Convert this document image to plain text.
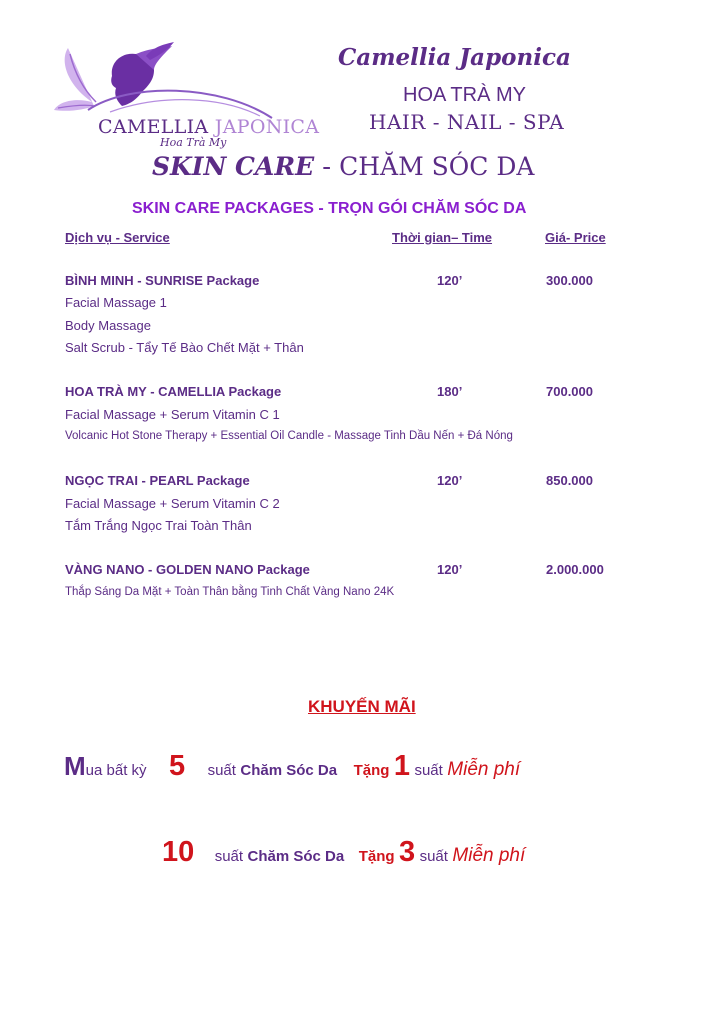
CAMELLIA JAPONICA
Hoa Trà My
Camellia Japonica
HOA TRÀ MY
HAIR - NAIL - SPA
SKIN CARE - CHĂM SÓC DA
SKIN CARE PACKAGES - TRỌN GÓI CHĂM SÓC DA
Dịch vụ - Service	Thời gian– Time	Giá- Price
BÌNH MINH - SUNRISE Package	120’	300.000
Facial Massage 1
Body Massage
Salt Scrub - Tẩy Tế Bào Chết Mặt + Thân
HOA TRÀ MY - CAMELLIA Package	180’	700.000
Facial Massage + Serum Vitamin C 1
Volcanic Hot Stone Therapy + Essential Oil Candle - Massage Tinh Dầu Nến + Đá Nóng
NGỌC TRAI - PEARL Package	120’	850.000
Facial Massage + Serum Vitamin C 2
Tắm Trắng Ngọc Trai Toàn Thân
VÀNG NANO - GOLDEN NANO Package	120’	2.000.000
Thắp Sáng Da Mặt + Toàn Thân bằng Tinh Chất Vàng Nano 24K
KHUYẾN MÃI
Mua bất kỳ 5 suất Chăm Sóc Da Tặng 1 suất Miễn phí
10 suất Chăm Sóc Da Tặng 3 suất Miễn phí
